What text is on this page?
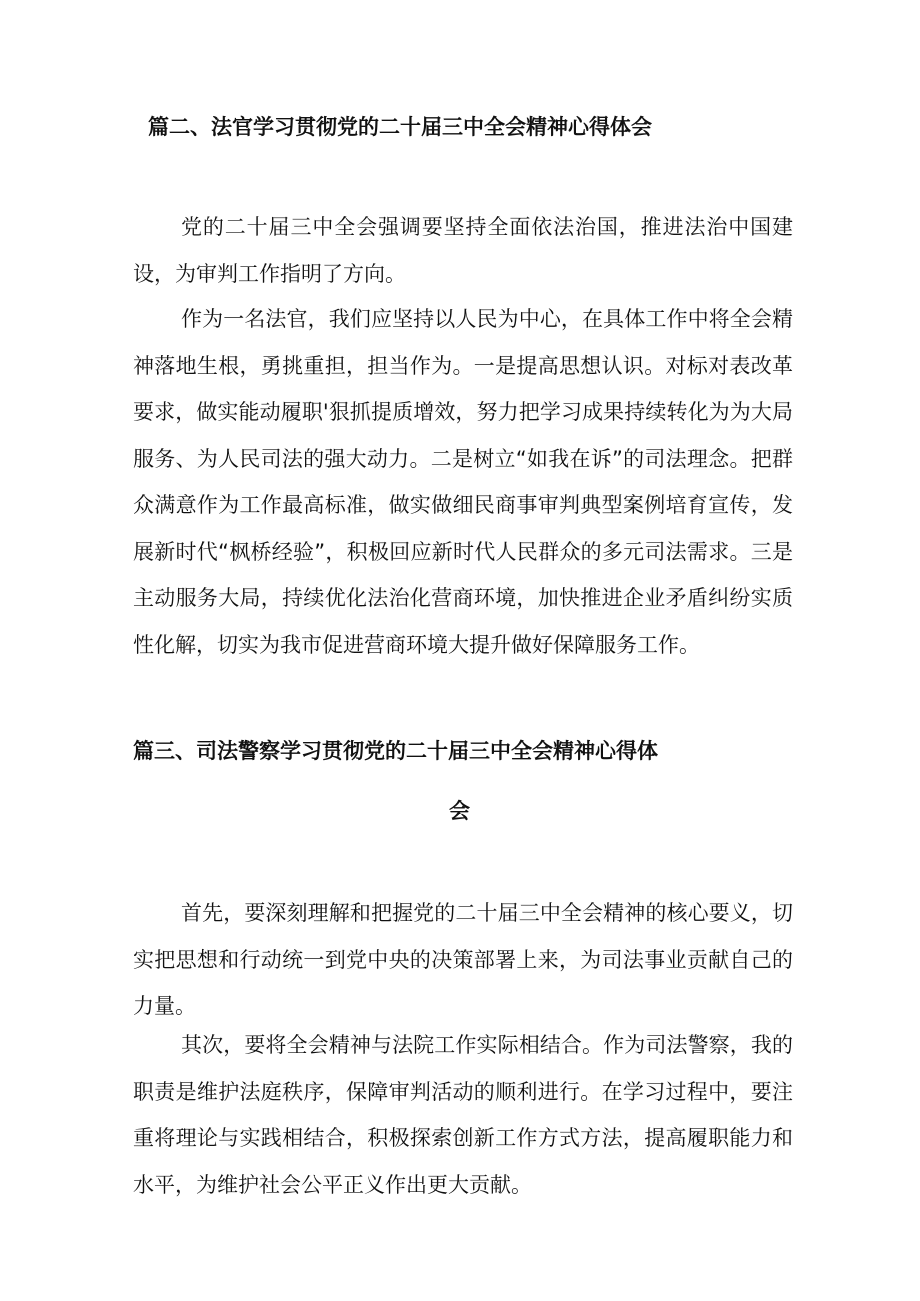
篇二、法官学习贯彻党的二十届三中全会精神心得体会

党的二十届三中全会强调要坚持全面依法治国，推进法治中国建设，为审判工作指明了方向。

作为一名法官，我们应坚持以人民为中心，在具体工作中将全会精神落地生根，勇挑重担，担当作为。一是提高思想认识。对标对表改革要求，做实能动履职'狠抓提质增效，努力把学习成果持续转化为为大局服务、为人民司法的强大动力。二是树立“如我在诉”的司法理念。把群众满意作为工作最高标准，做实做细民商事审判典型案例培育宣传，发展新时代“枫桥经验”，积极回应新时代人民群众的多元司法需求。三是主动服务大局，持续优化法治化营商环境，加快推进企业矛盾纠纷实质性化解，切实为我市促进营商环境大提升做好保障服务工作。

篇三、司法警察学习贯彻党的二十届三中全会精神心得体
会

首先，要深刻理解和把握党的二十届三中全会精神的核心要义，切实把思想和行动统一到党中央的决策部署上来，为司法事业贡献自己的力量。

其次，要将全会精神与法院工作实际相结合。作为司法警察，我的职责是维护法庭秩序，保障审判活动的顺利进行。在学习过程中，要注重将理论与实践相结合，积极探索创新工作方式方法，提高履职能力和水平，为维护社会公平正义作出更大贡献。
